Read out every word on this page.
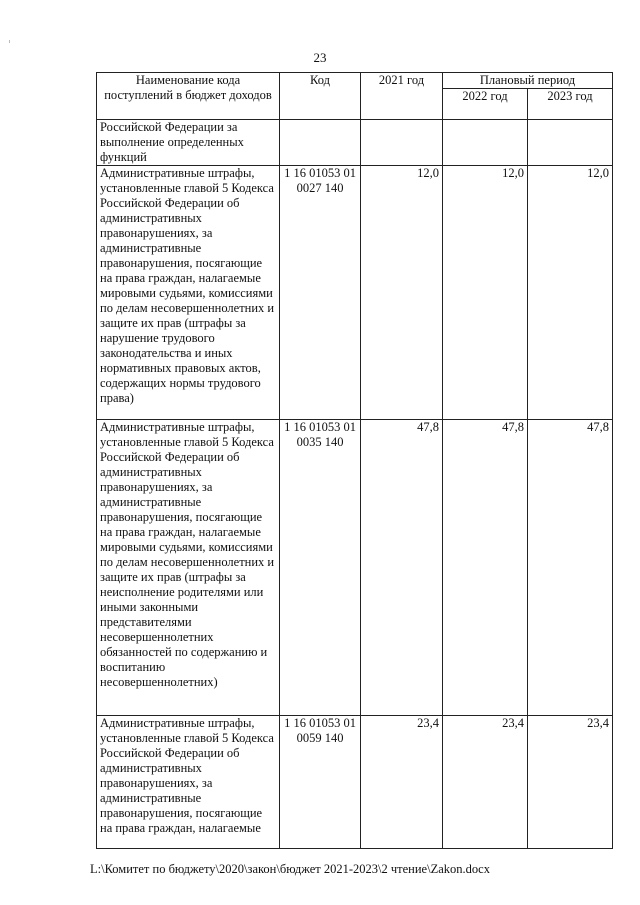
23
Наименование кода поступлений в бюджет доходов	Код	2021 год	Плановый период	
			2022 год	2023 год
Российской Федерации за выполнение определенных функций				
Административные штрафы, установленные главой 5 Кодекса Российской Федерации об административных правонарушениях, за административные правонарушения, посягающие на права граждан, налагаемые мировыми судьями, комиссиями по делам несовершеннолетних и защите их прав (штрафы за нарушение трудового законодательства и иных нормативных правовых актов, содержащих нормы трудового права)	1 16 01053 01 0027 140	12,0	12,0	12,0
Административные штрафы, установленные главой 5 Кодекса Российской Федерации об административных правонарушениях, за административные правонарушения, посягающие на права граждан, налагаемые мировыми судьями, комиссиями по делам несовершеннолетних и защите их прав (штрафы за неисполнение родителями или иными законными представителями несовершеннолетних обязанностей по содержанию и воспитанию несовершеннолетних)	1 16 01053 01 0035 140	47,8	47,8	47,8
Административные штрафы, установленные главой 5 Кодекса Российской Федерации об административных правонарушениях, за административные правонарушения, посягающие на права граждан, налагаемые	1 16 01053 01 0059 140	23,4	23,4	23,4
L:\Комитет по бюджету\2020\закон\бюджет 2021-2023\2 чтение\Zakon.docx
